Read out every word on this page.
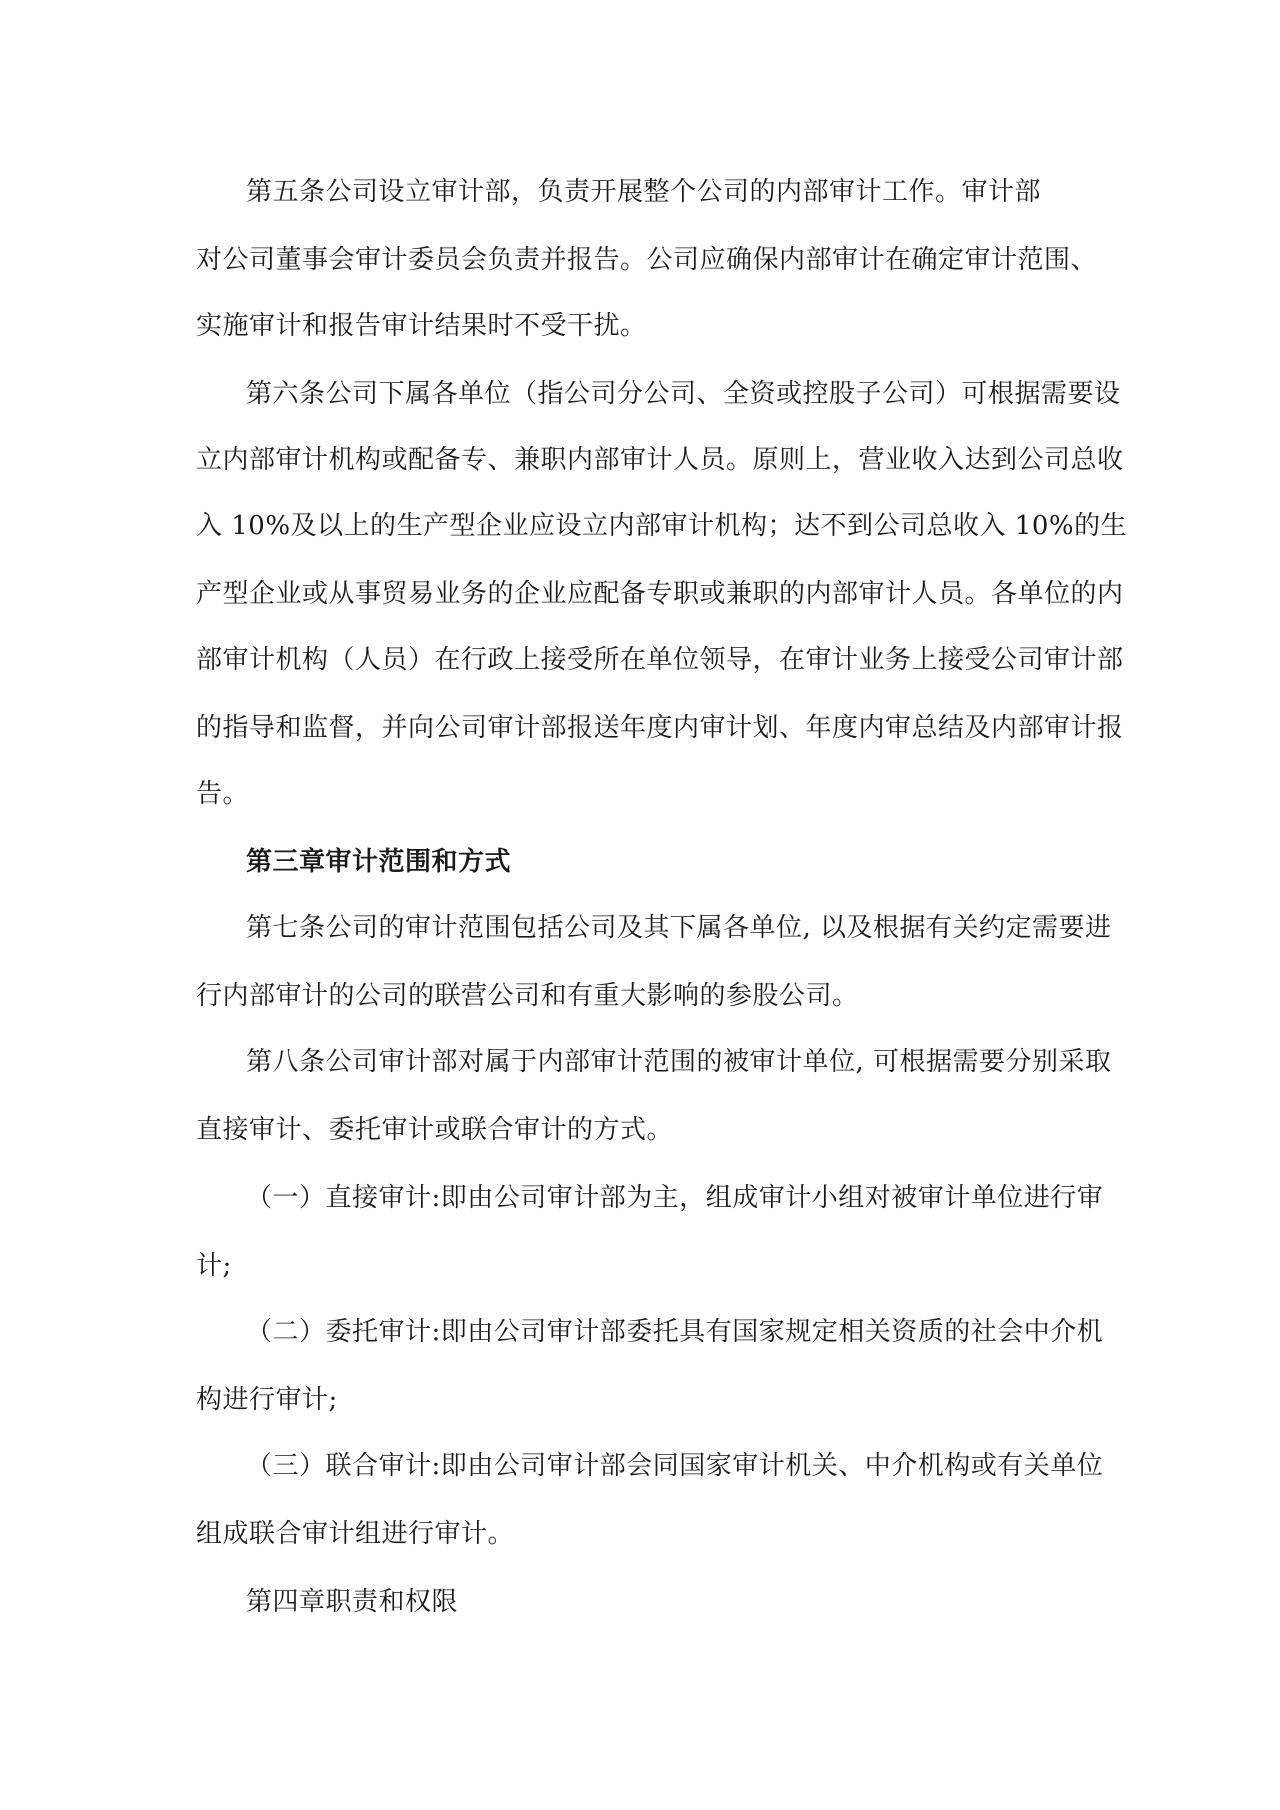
第五条公司设立审计部，负责开展整个公司的内部审计工作。审计部
对公司董事会审计委员会负责并报告。公司应确保内部审计在确定审计范围、
实施审计和报告审计结果时不受干扰。
第六条公司下属各单位（指公司分公司、全资或控股子公司）可根据需要设
立内部审计机构或配备专、兼职内部审计人员。原则上，营业收入达到公司总收
入 10%及以上的生产型企业应设立内部审计机构；达不到公司总收入 10%的生
产型企业或从事贸易业务的企业应配备专职或兼职的内部审计人员。各单位的内
部审计机构（人员）在行政上接受所在单位领导，在审计业务上接受公司审计部
的指导和监督，并向公司审计部报送年度内审计划、年度内审总结及内部审计报
告。
第三章审计范围和方式
第七条公司的审计范围包括公司及其下属各单位, 以及根据有关约定需要进
行内部审计的公司的联营公司和有重大影响的参股公司。
第八条公司审计部对属于内部审计范围的被审计单位, 可根据需要分别采取
直接审计、委托审计或联合审计的方式。
（一）直接审计:即由公司审计部为主，组成审计小组对被审计单位进行审
计;
（二）委托审计:即由公司审计部委托具有国家规定相关资质的社会中介机
构进行审计;
（三）联合审计:即由公司审计部会同国家审计机关、中介机构或有关单位
组成联合审计组进行审计。
第四章职责和权限
